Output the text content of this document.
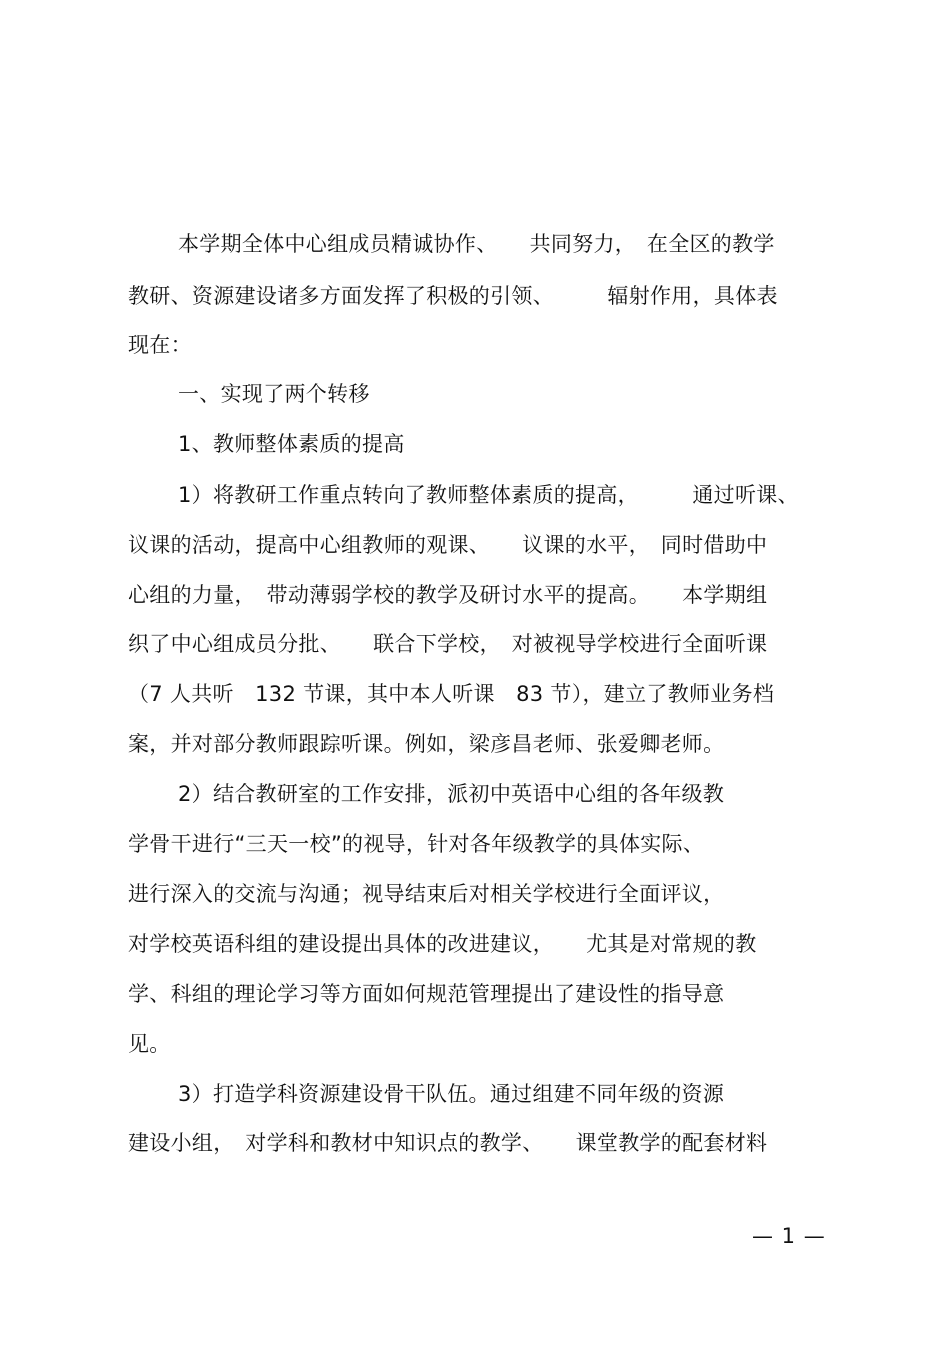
本学期全体中心组成员精诚协作、　　共同努力，　在全区的教学
教研、资源建设诸多方面发挥了积极的引领、　　　辐射作用，具体表
现在：
一、实现了两个转移
1、教师整体素质的提高
1）将教研工作重点转向了教师整体素质的提高，　　　通过听课、
议课的活动，提高中心组教师的观课、　　议课的水平，　同时借助中
心组的力量，　带动薄弱学校的教学及研讨水平的提高。　　本学期组
织了中心组成员分批、　　联合下学校，　对被视导学校进行全面听课
（7 人共听　132 节课，其中本人听课　83 节），建立了教师业务档
案，并对部分教师跟踪听课。例如，梁彦昌老师、张爱卿老师。
2）结合教研室的工作安排，派初中英语中心组的各年级教
学骨干进行“三天一校”的视导，针对各年级教学的具体实际、
进行深入的交流与沟通；视导结束后对相关学校进行全面评议，
对学校英语科组的建设提出具体的改进建议，　　尤其是对常规的教
学、科组的理论学习等方面如何规范管理提出了建设性的指导意
见。
3）打造学科资源建设骨干队伍。通过组建不同年级的资源
建设小组，　对学科和教材中知识点的教学、　　课堂教学的配套材料
— 1 —
